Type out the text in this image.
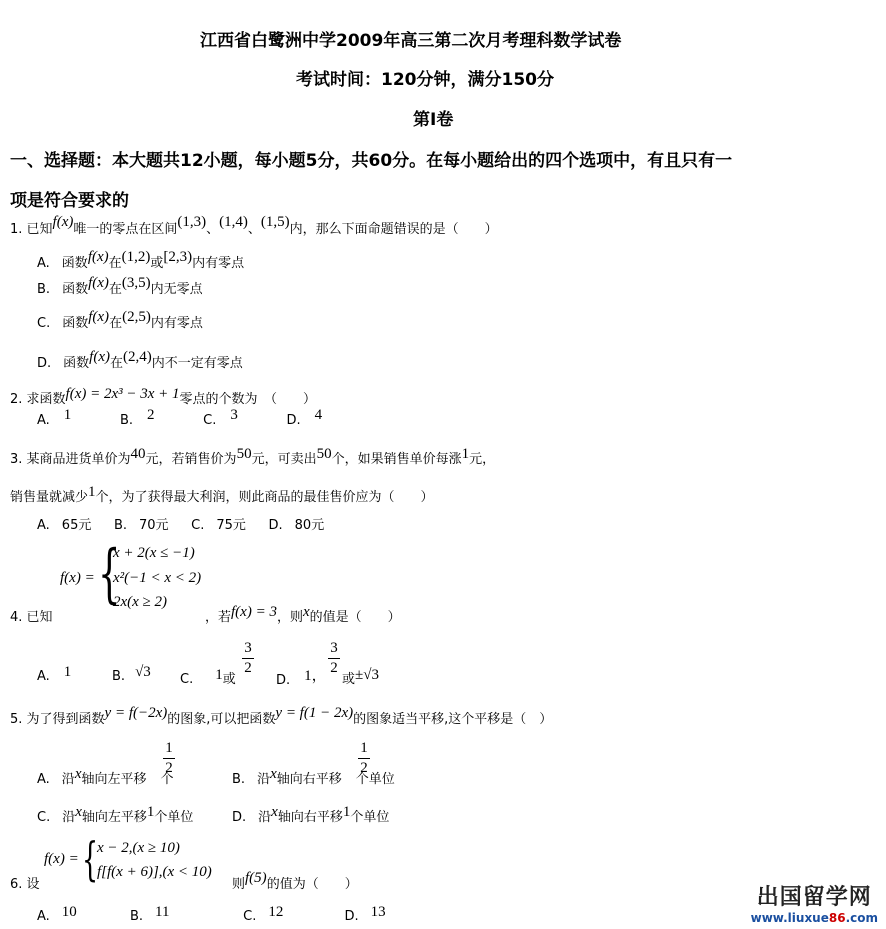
江西省白鹭洲中学2009年高三第二次月考理科数学试卷
考试时间：120分钟，满分150分
第I卷
一、选择题：本大题共12小题，每小题5分，共60分。在每小题给出的四个选项中，有且只有一
项是符合要求的
1. 已知f(x)唯一的零点在区间(1,3)、(1,4)、(1,5)内，那么下面命题错误的是（　　）
A. 函数f(x)在(1,2)或[2,3)内有零点
B. 函数f(x)在(3,5)内无零点
C. 函数f(x)在(2,5)内有零点
D. 函数f(x)在(2,4)内不一定有零点
2. 求函数f(x) = 2x³ − 3x + 1零点的个数为　（　　）
A. 1	B. 2	C. 3	D. 4
3. 某商品进货单价为40元，若销售价为50元，可卖出50个，如果销售单价每涨1元，
销售量就减少1个，为了获得最大利润，则此商品的最佳售价应为（　　）
A. 65元 B. 70元 C. 75元 D. 80元
f(x) = {
x + 2(x ≤ −1)
x²(−1 < x < 2)
2x(x ≥ 2)
4. 已知	，若f(x) = 3，则x的值是（　　）
A. 1	B. √3 C. 1或
3
2
D. 1，
3
2
或±√3
5. 为了得到函数y = f(−2x)的图象,可以把函数y = f(1 − 2x)的图象适当平移,这个平移是（　）
A. 沿x轴向左平移 个
1
2
B. 沿x轴向右平移 个单位
1
2
C. 沿x轴向左平移1个单位	D. 沿x轴向右平移1个单位
f(x) = {
x − 2,(x ≥ 10)
f[f(x + 6)],(x < 10)
6. 设	则f(5)的值为（　　）
A. 10	B. 11	C. 12	D. 13
出国留学网
www.liuxue86.com
